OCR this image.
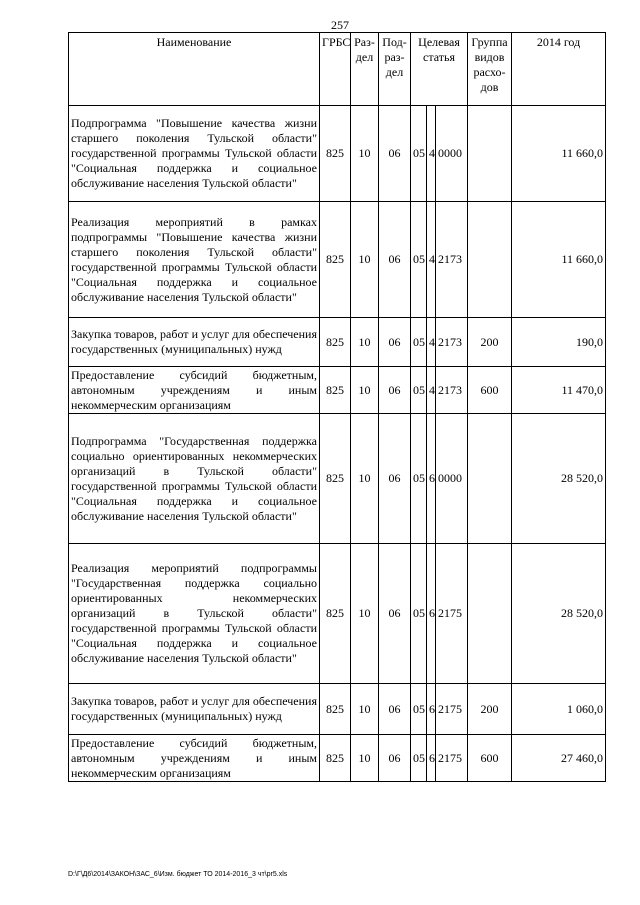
257
Наименование	ГРБС	Раз-дел	Под-раз-дел	Целевая статья			Группа видов расхо-дов	2014 год
Подпрограмма "Повышение качества жизни старшего поколения Тульской области" государственной программы Тульской области "Социальная поддержка и социальное обслуживание населения Тульской области"	825	10	06	05	4	0000		11 660,0
Реализация мероприятий в рамках подпрограммы "Повышение качества жизни старшего поколения Тульской области" государственной программы Тульской области "Социальная поддержка и социальное обслуживание населения Тульской области"	825	10	06	05	4	2173		11 660,0
Закупка товаров, работ и услуг для обеспечения государственных (муниципальных) нужд	825	10	06	05	4	2173	200	190,0
Предоставление субсидий бюджетным, автономным учреждениям и иным некоммерческим организациям	825	10	06	05	4	2173	600	11 470,0
Подпрограмма "Государственная поддержка социально ориентированных некоммерческих организаций в Тульской области" государственной программы Тульской области "Социальная поддержка и социальное обслуживание населения Тульской области"	825	10	06	05	6	0000		28 520,0
Реализация мероприятий подпрограммы "Государственная поддержка социально ориентированных некоммерческих организаций в Тульской области" государственной программы Тульской области "Социальная поддержка и социальное обслуживание населения Тульской области"	825	10	06	05	6	2175		28 520,0
Закупка товаров, работ и услуг для обеспечения государственных (муниципальных) нужд	825	10	06	05	6	2175	200	1 060,0
Предоставление субсидий бюджетным, автономным учреждениям и иным некоммерческим организациям	825	10	06	05	6	2175	600	27 460,0
D:\Г\Д6\2014\ЗАКОН\ЗАС_6\Изм. бюджет ТО 2014-2016_3 чт\pr5.xls
